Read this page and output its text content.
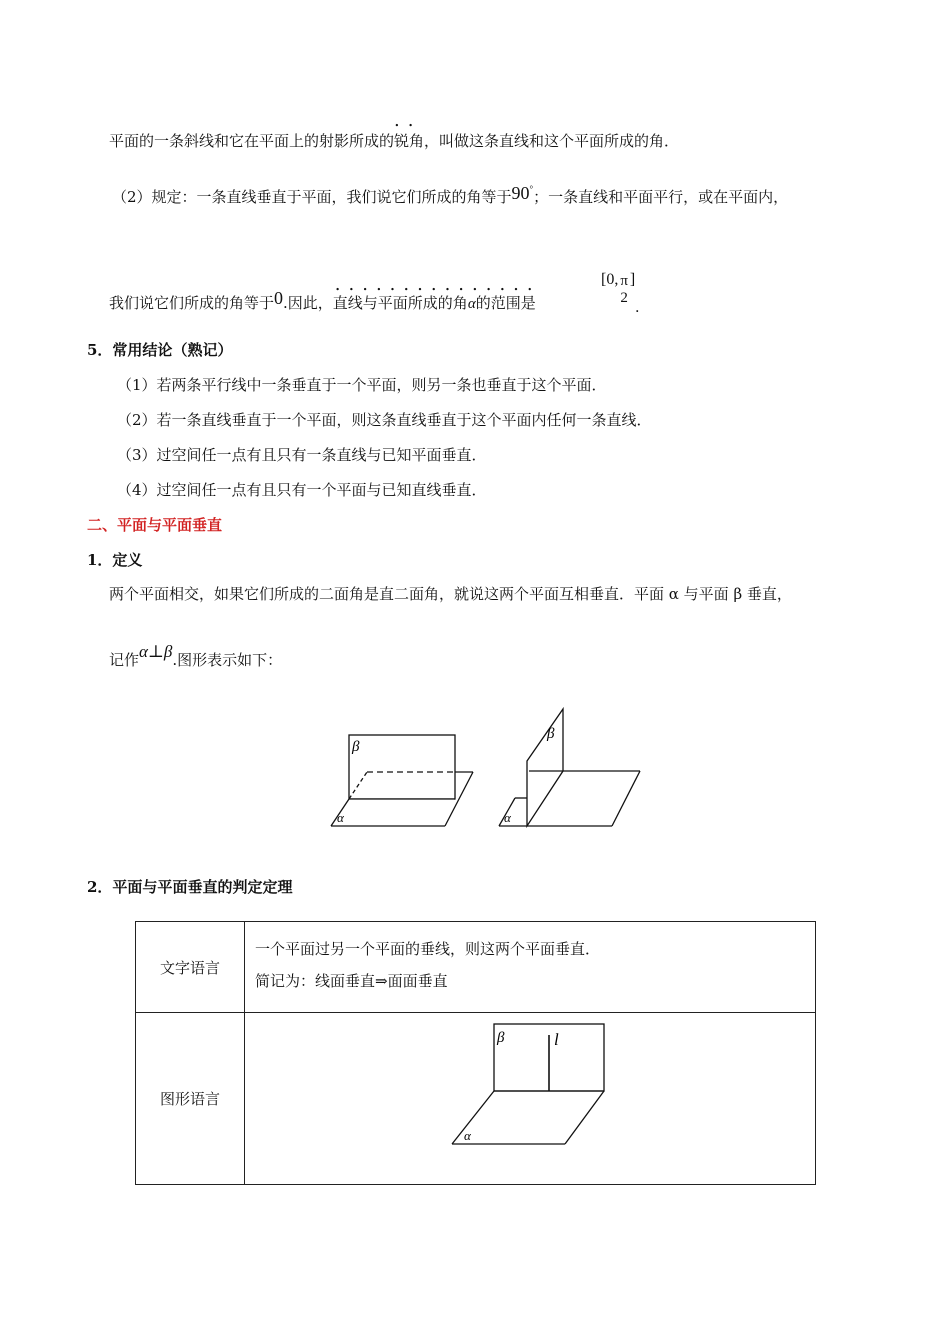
平面的一条斜线和它在平面上的射影所成的
..
锐角，叫做这条直线和这个平面所成的角．
（2）规定：一条直线垂直于平面，我们说它们所成的角等于90°；一条直线和平面平行，或在平面内，
我们说它们所成的角等于0.因此，
...............
直线与平面所成的角α的范围是
[0, π
2
].
5．常用结论（熟记）
（1）若两条平行线中一条垂直于一个平面，则另一条也垂直于这个平面．
（2）若一条直线垂直于一个平面，则这条直线垂直于这个平面内任何一条直线．
（3）过空间任一点有且只有一条直线与已知平面垂直．
（4）过空间任一点有且只有一个平面与已知直线垂直．
二、平面与平面垂直
1．定义
两个平面相交，如果它们所成的二面角是直二面角，就说这两个平面互相垂直．平面 α 与平面 β 垂直，
记作α⊥β.图形表示如下：
β
α
β
α
2．平面与平面垂直的判定定理
文字语言	一个平面过另一个平面的垂线，则这两个平面垂直．
简记为：线面垂直⇒面面垂直

图形语言	β l
α
